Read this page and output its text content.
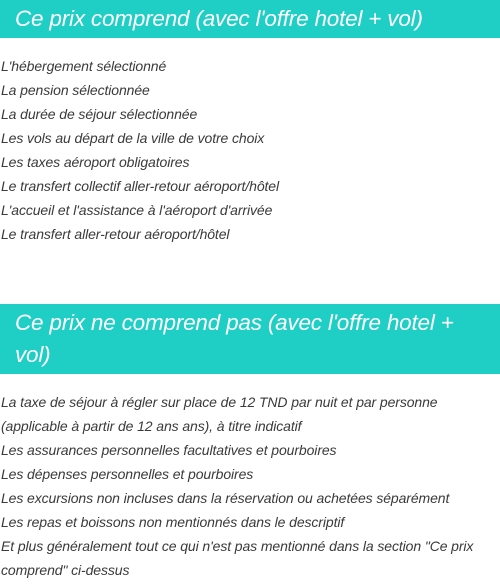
Ce prix comprend (avec l'offre hotel + vol)
L'hébergement sélectionné
La pension sélectionnée
La durée de séjour sélectionnée
Les vols au départ de la ville de votre choix
Les taxes aéroport obligatoires
Le transfert collectif aller-retour aéroport/hôtel
L'accueil et l'assistance à l'aéroport d'arrivée
Le transfert aller-retour aéroport/hôtel
Ce prix ne comprend pas (avec l'offre hotel + vol)
La taxe de séjour à régler sur place de 12 TND par nuit et par personne (applicable à partir de 12 ans ans), à titre indicatif
Les assurances personnelles facultatives et pourboires
Les dépenses personnelles et pourboires
Les excursions non incluses dans la réservation ou achetées séparément
Les repas et boissons non mentionnés dans le descriptif
Et plus généralement tout ce qui n'est pas mentionné dans la section "Ce prix comprend" ci-dessus
